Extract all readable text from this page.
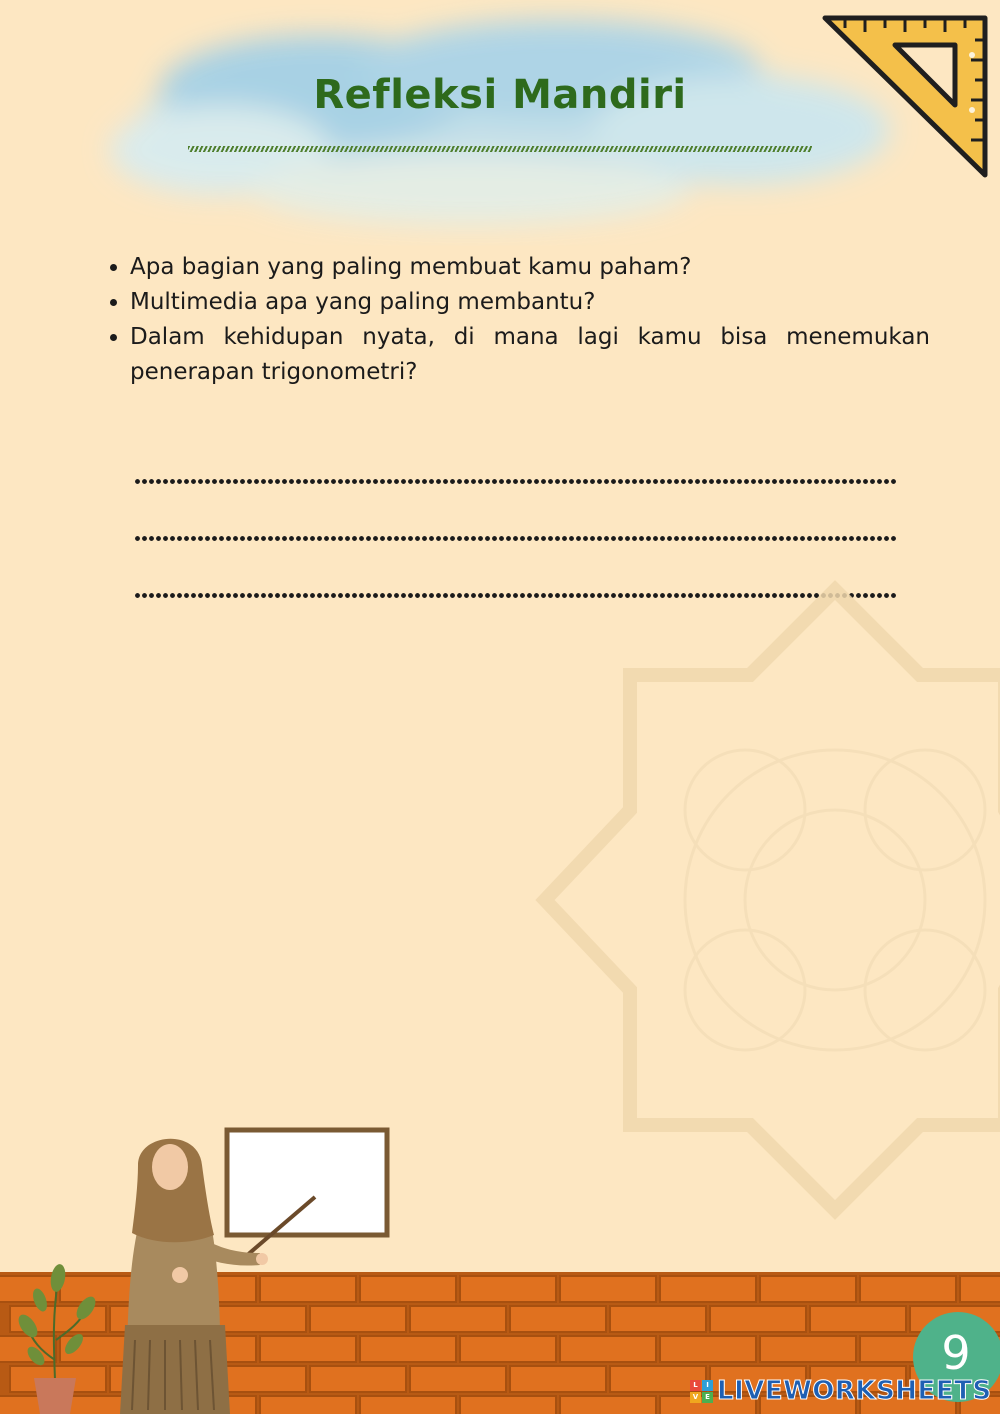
Refleksi Mandiri
• Apa bagian yang paling membuat kamu paham?
• Multimedia apa yang paling membantu?
• Dalam kehidupan nyata, di mana lagi kamu bisa menemukan penerapan trigonometri?
9
L	I
V E LIVEWORKSHEETS
